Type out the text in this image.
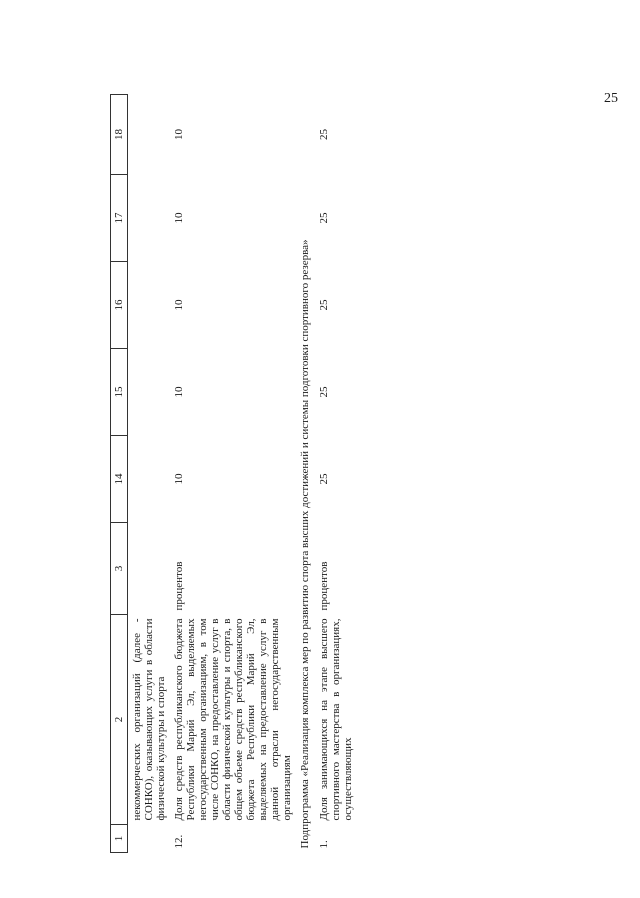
25
1	2	3	14	15	16	17	18
	некоммерческих организаций (далее - СОНКО), оказывающих услуги в области физической культуры и спорта						
12.	Доля средств республиканского бюджета Республики Марий Эл, выделяемых негосударственным организациям, в том числе СОНКО, на предоставление услуг в области физической культуры и спорта, в общем объеме средств республиканского бюджета Республики Марий Эл, выделяемых на предоставление услуг в данной отрасли негосударственным организациям	процентов	10	10	10	10	10
Подпрограмма «Реализация комплекса мер по развитию спорта высших достижений и системы подготовки спортивного резерва»							
1.	Доля занимающихся на этапе высшего спортивного мастерства в организациях, осуществляющих	процентов	25	25	25	25	25
